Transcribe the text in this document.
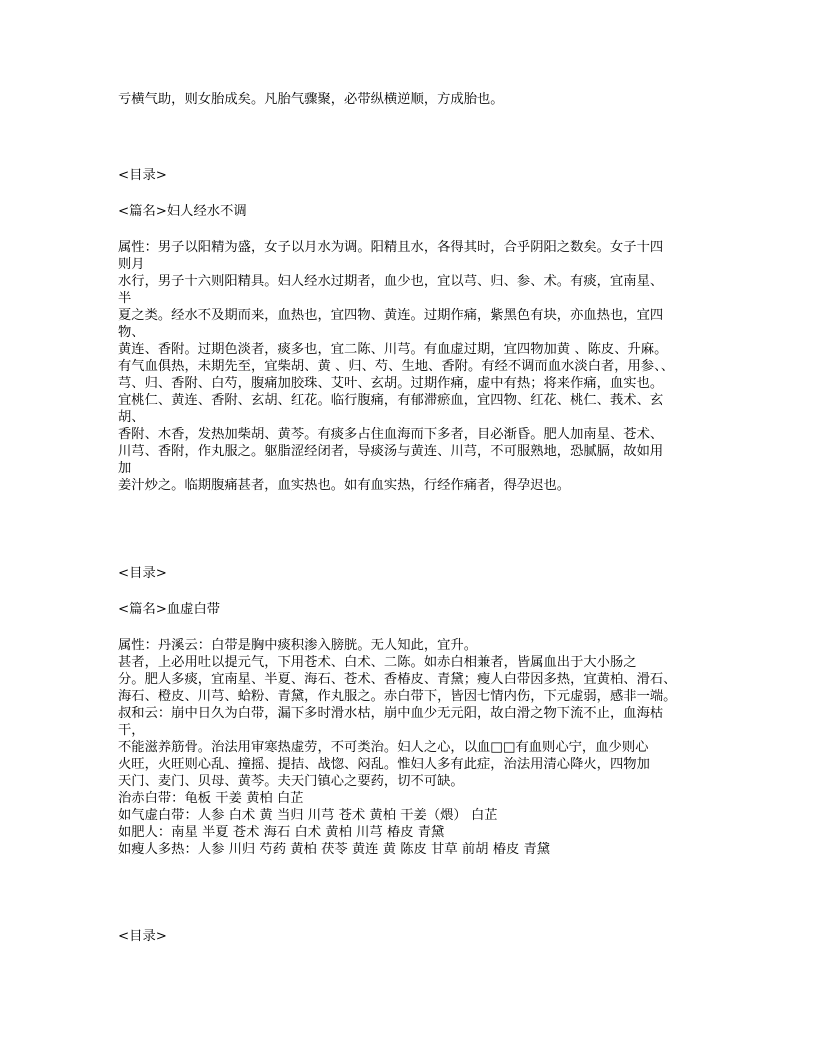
亏横气助，则女胎成矣。凡胎气骤聚，必带纵横逆顺，方成胎也。
<目录>
<篇名>妇人经水不调
属性：男子以阳精为盛，女子以月水为调。阳精且水，各得其时，合乎阴阳之数矣。女子十四
则月
水行，男子十六则阳精具。妇人经水过期者，血少也，宜以芎、归、参、术。有痰，宜南星、
半
夏之类。经水不及期而来，血热也，宜四物、黄连。过期作痛，紫黑色有块，亦血热也，宜四
物、
黄连、香附。过期色淡者，痰多也，宜二陈、川芎。有血虚过期，宜四物加黄 、陈皮、升麻。
有气血俱热，未期先至，宜柴胡、黄 、归、芍、生地、香附。有经不调而血水淡白者，用参、、
芎、归、香附、白芍，腹痛加胶珠、艾叶、玄胡。过期作痛，虚中有热；将来作痛，血实也。
宜桃仁、黄连、香附、玄胡、红花。临行腹痛，有郁滞瘀血，宜四物、红花、桃仁、莪术、玄
胡、
香附、木香，发热加柴胡、黄芩。有痰多占住血海而下多者，目必渐昏。肥人加南星、苍术、
川芎、香附，作丸服之。躯脂涩经闭者，导痰汤与黄连、川芎，不可服熟地，恐腻膈，故如用
加
姜汁炒之。临期腹痛甚者，血实热也。如有血实热，行经作痛者，得孕迟也。
<目录>
<篇名>血虚白带
属性：丹溪云：白带是胸中痰积渗入膀胱。无人知此，宜升。
甚者，上必用吐以提元气，下用苍术、白术、二陈。如赤白相兼者，皆属血出于大小肠之
分。肥人多痰，宜南星、半夏、海石、苍术、香椿皮、青黛；瘦人白带因多热，宜黄柏、滑石、
海石、橙皮、川芎、蛤粉、青黛，作丸服之。赤白带下，皆因七情内伤，下元虚弱，感非一端。
叔和云：崩中日久为白带，漏下多时滑水枯，崩中血少无元阳，故白滑之物下流不止，血海枯
干，
不能滋养筋骨。治法用审寒热虚劳，不可类治。妇人之心，以血□□有血则心宁，血少则心
火旺，火旺则心乱、撞摇、提拮、战惚、闷乱。惟妇人多有此症，治法用清心降火，四物加
天门、麦门、贝母、黄芩。夫天门镇心之要药，切不可缺。
治赤白带：龟板 干姜 黄柏 白芷
如气虚白带：人参 白术 黄 当归 川芎 苍术 黄柏 干姜（煨） 白芷
如肥人：南星 半夏 苍术 海石 白术 黄柏 川芎 椿皮 青黛
如瘦人多热：人参 川归 芍药 黄柏 茯苓 黄连 黄 陈皮 甘草 前胡 椿皮 青黛
<目录>
